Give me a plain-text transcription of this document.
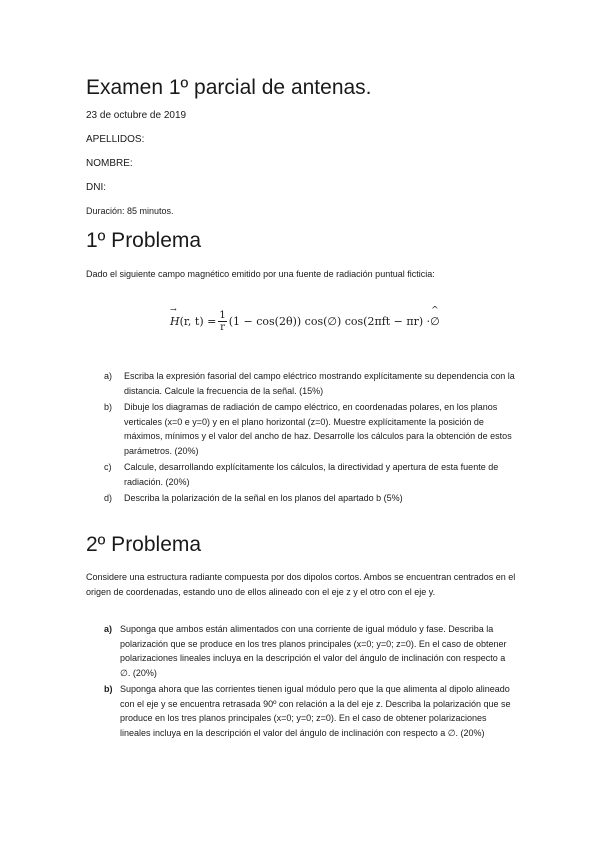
Examen 1º parcial de antenas.
23 de octubre de 2019
APELLIDOS:
NOMBRE:
DNI:
Duración: 85 minutos.
1º Problema

Dado el siguiente campo magnético emitido por una fuente de radiación puntual ficticia:

→ H (r, $t) = \frac{1}{r} (1 - \cos(2\theta))$ cos(∅) cos(2πft − πr) ·
^ ∅
a) Escriba la expresión fasorial del campo eléctrico mostrando explícitamente su dependencia con la distancia. Calcule la frecuencia de la señal. (15%)
b) Dibuje los diagramas de radiación de campo eléctrico, en coordenadas polares, en los planos verticales (x=0 e y=0) y en el plano horizontal (z=0). Muestre explícitamente la posición de máximos, mínimos y el valor del ancho de haz. Desarrolle los cálculos para la obtención de estos parámetros. (20%)
c) Calcule, desarrollando explícitamente los cálculos, la directividad y apertura de esta fuente de radiación. (20%)
d) Describa la polarización de la señal en los planos del apartado b (5%)
2º Problema

Considere una estructura radiante compuesta por dos dipolos cortos. Ambos se encuentran centrados en el origen de coordenadas, estando uno de ellos alineado con el eje z y el otro con el eje y.

a) Suponga que ambos están alimentados con una corriente de igual módulo y fase. Describa la polarización que se produce en los tres planos principales (x=0; y=0; z=0). En el caso de obtener polarizaciones lineales incluya en la descripción el valor del ángulo de inclinación con respecto a ∅. (20%)
b) Suponga ahora que las corrientes tienen igual módulo pero que la que alimenta al dipolo alineado con el eje y se encuentra retrasada 90º con relación a la del eje z. Describa la polarización que se produce en los tres planos principales (x=0; y=0; z=0). En el caso de obtener polarizaciones lineales incluya en la descripción el valor del ángulo de inclinación con respecto a ∅. (20%)
